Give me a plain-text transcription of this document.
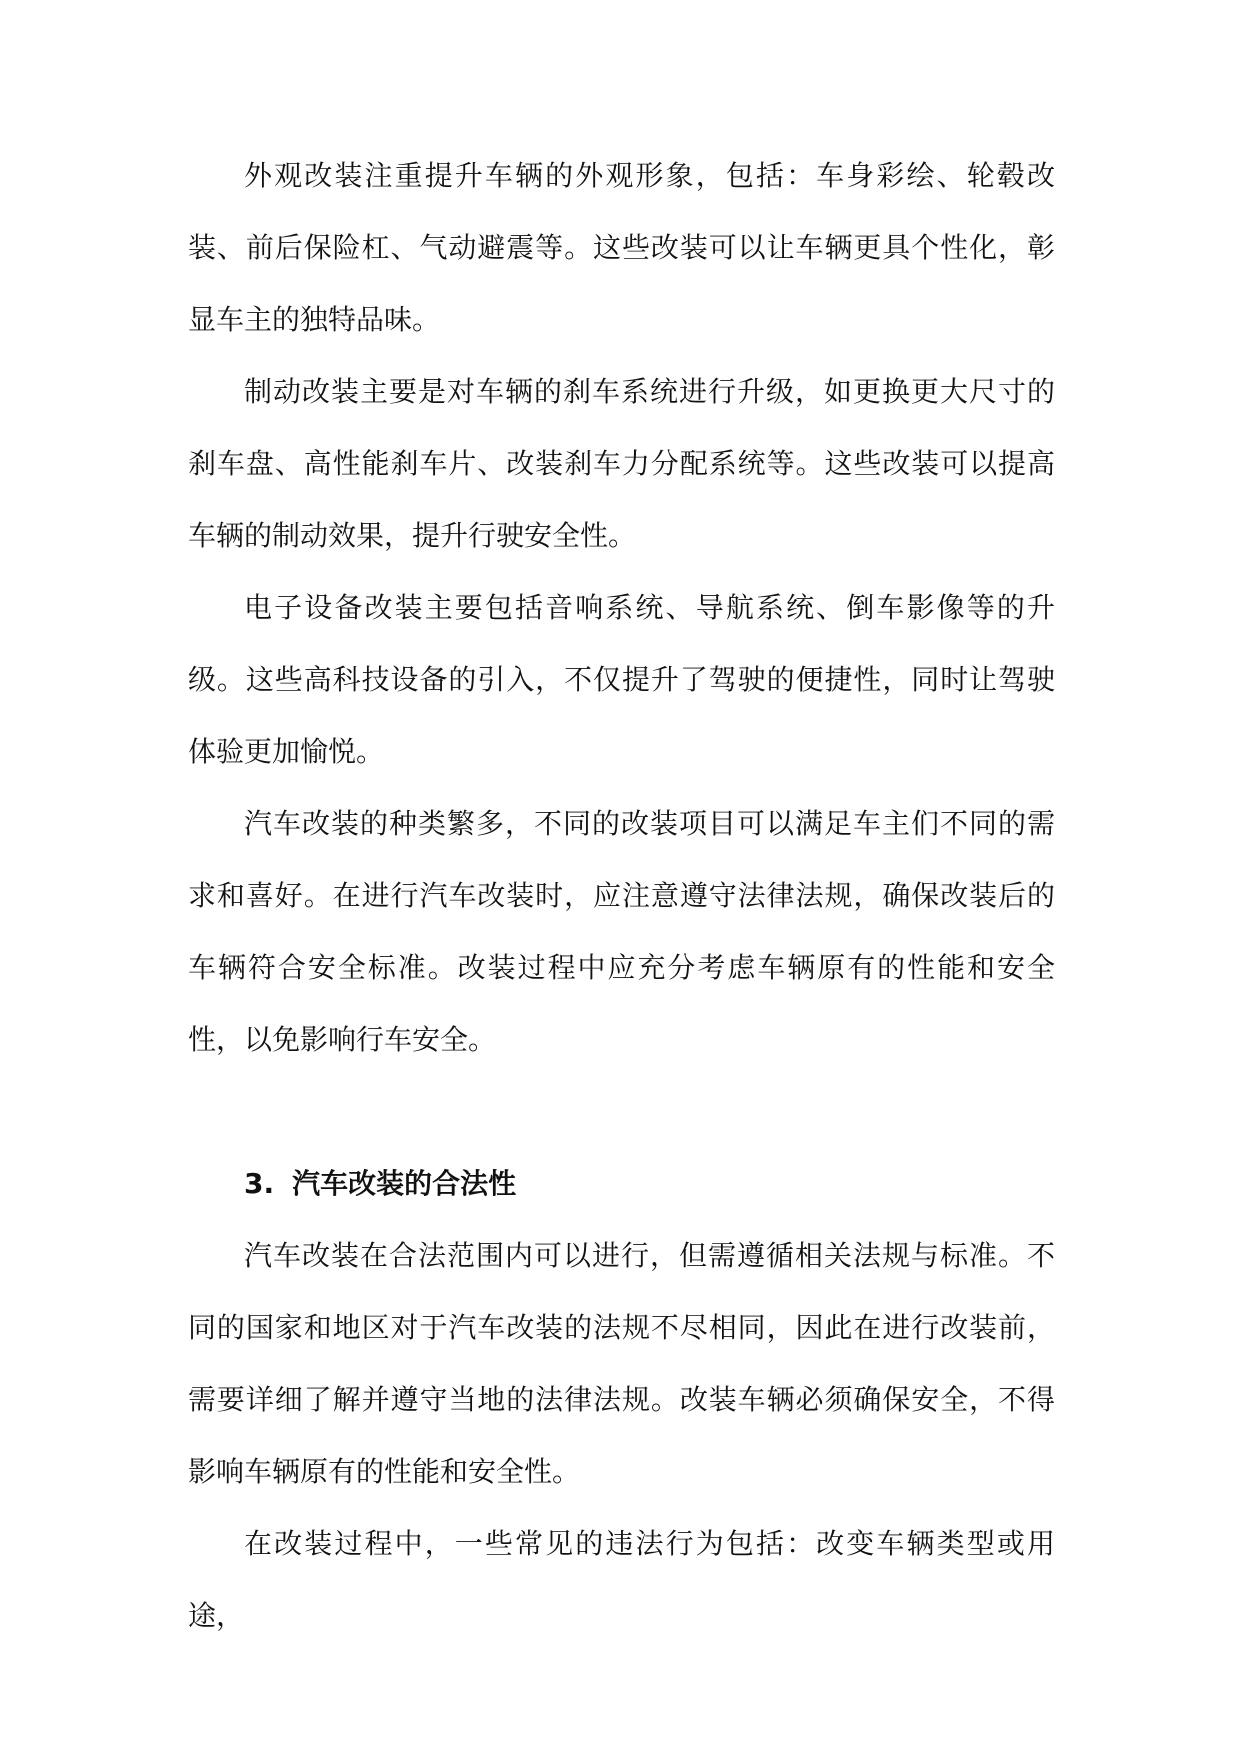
外观改装注重提升车辆的外观形象，包括：车身彩绘、轮毂改装、前后保险杠、气动避震等。这些改装可以让车辆更具个性化，彰显车主的独特品味。

制动改装主要是对车辆的刹车系统进行升级，如更换更大尺寸的刹车盘、高性能刹车片、改装刹车力分配系统等。这些改装可以提高车辆的制动效果，提升行驶安全性。

电子设备改装主要包括音响系统、导航系统、倒车影像等的升级。这些高科技设备的引入，不仅提升了驾驶的便捷性，同时让驾驶体验更加愉悦。

汽车改装的种类繁多，不同的改装项目可以满足车主们不同的需求和喜好。在进行汽车改装时，应注意遵守法律法规，确保改装后的车辆符合安全标准。改装过程中应充分考虑车辆原有的性能和安全性，以免影响行车安全。

3. 汽车改装的合法性

汽车改装在合法范围内可以进行，但需遵循相关法规与标准。不同的国家和地区对于汽车改装的法规不尽相同，因此在进行改装前，需要详细了解并遵守当地的法律法规。改装车辆必须确保安全，不得影响车辆原有的性能和安全性。

在改装过程中，一些常见的违法行为包括：改变车辆类型或用途，
